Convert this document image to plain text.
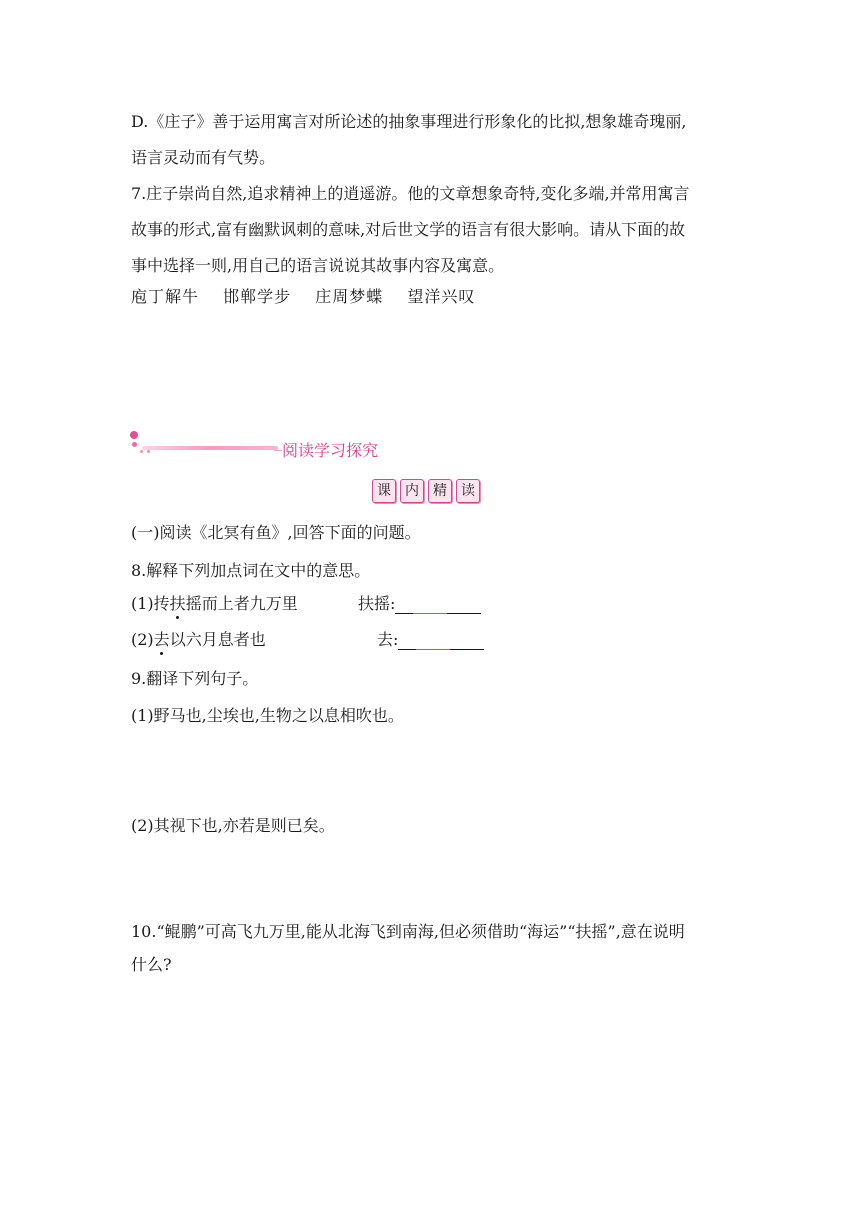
D.《庄子》善于运用寓言对所论述的抽象事理进行形象化的比拟,想象雄奇瑰丽,
语言灵动而有气势。
7.庄子崇尚自然,追求精神上的逍遥游。他的文章想象奇特,变化多端,并常用寓言
故事的形式,富有幽默讽刺的意味,对后世文学的语言有很大影响。请从下面的故
事中选择一则,用自己的语言说说其故事内容及寓意。
庖丁解牛 邯郸学步 庄周梦蝶 望洋兴叹
阅读学习探究
课	内	精	读
(一)阅读《北冥有鱼》,回答下面的问题。
8.解释下列加点词在文中的意思。
(1)抟扶摇而上者九万里	扶摇:
(2)去以六月息者也	去:
9.翻译下列句子。
(1)野马也,尘埃也,生物之以息相吹也。
(2)其视下也,亦若是则已矣。
10.“鲲鹏”可高飞九万里,能从北海飞到南海,但必须借助“海运”“扶摇”,意在说明
什么?
